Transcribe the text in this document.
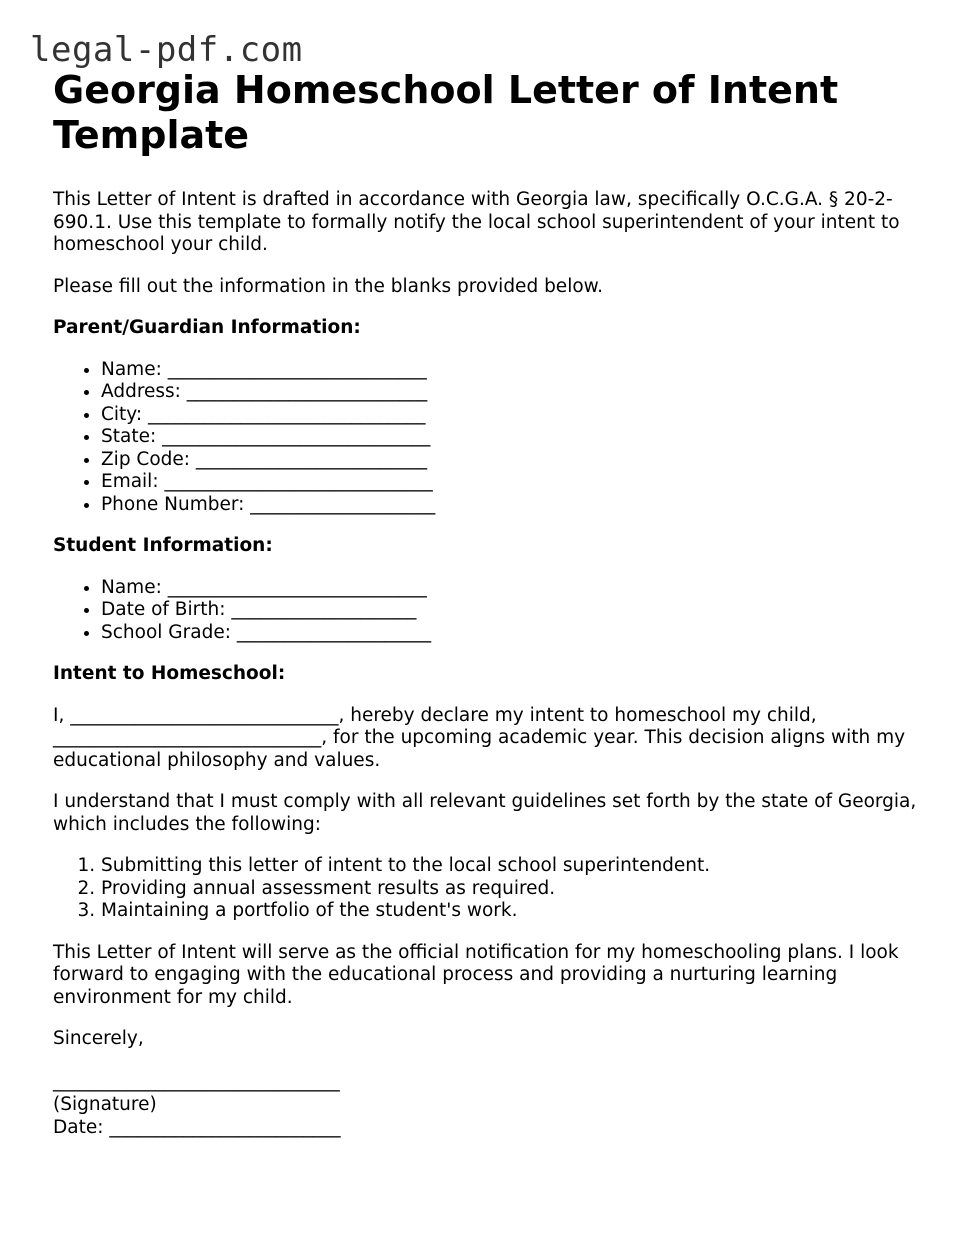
legal-pdf.com
Georgia Homeschool Letter of Intent Template

This Letter of Intent is drafted in accordance with Georgia law, specifically O.C.G.A. § 20-2-690.1. Use this template to formally notify the local school superintendent of your intent to homeschool your child.

Please fill out the information in the blanks provided below.

Parent/Guardian Information:

• Name: ____________________________
• Address: __________________________
• City: ______________________________
• State: _____________________________
• Zip Code: _________________________
• Email: _____________________________
• Phone Number: ____________________

Student Information:

• Name: ____________________________
• Date of Birth: ____________________
• School Grade: _____________________

Intent to Homeschool:

I, _____________________________, hereby declare my intent to homeschool my child, _____________________________, for the upcoming academic year. This decision aligns with my educational philosophy and values.

I understand that I must comply with all relevant guidelines set forth by the state of Georgia, which includes the following:

1. Submitting this letter of intent to the local school superintendent.
2. Providing annual assessment results as required.
3. Maintaining a portfolio of the student's work.

This Letter of Intent will serve as the official notification for my homeschooling plans. I look forward to engaging with the educational process and providing a nurturing learning environment for my child.

Sincerely,

_______________________________

(Signature)

Date: _________________________
